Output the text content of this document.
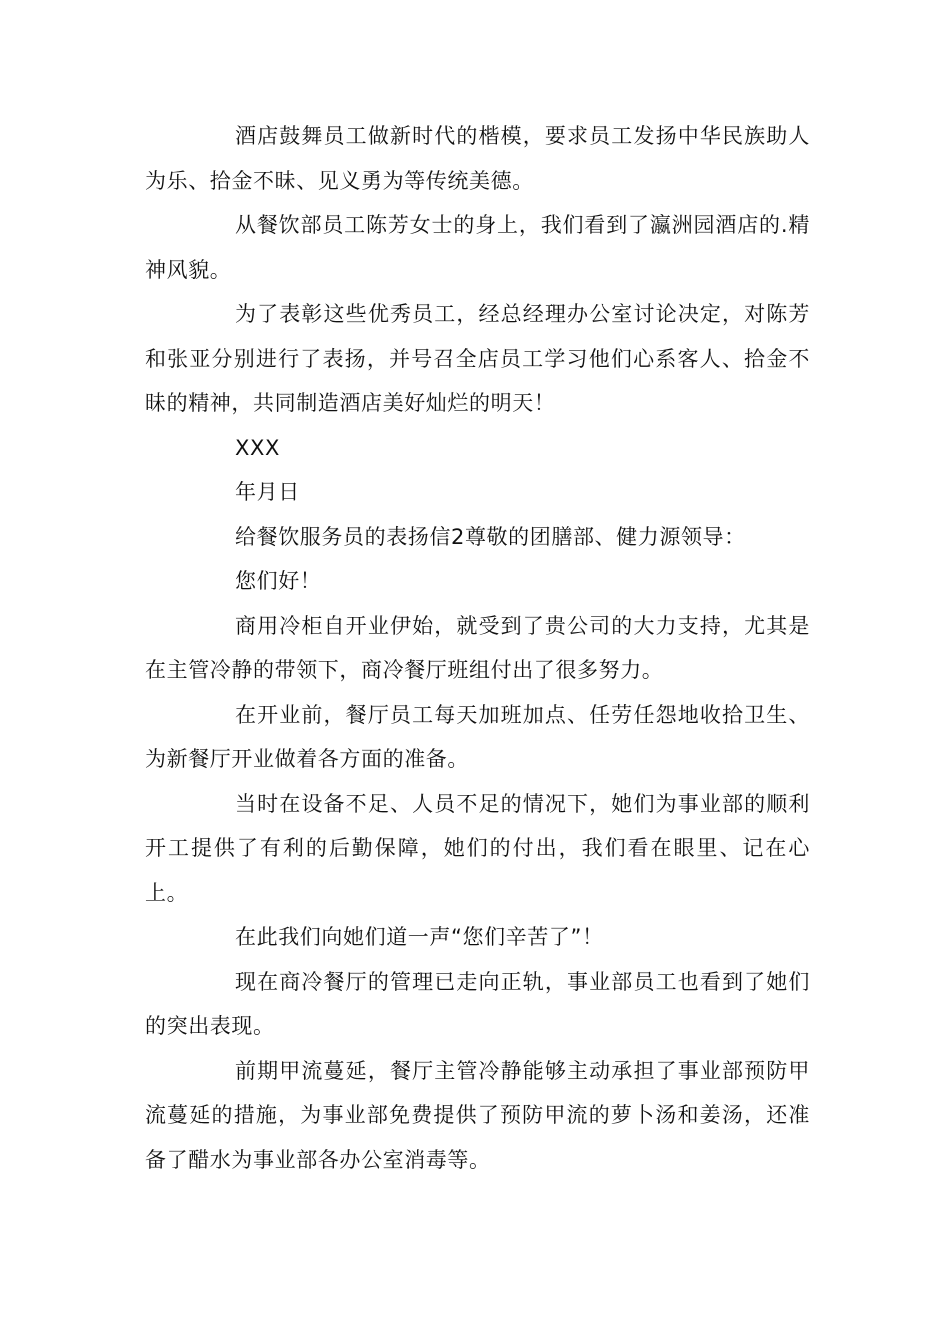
酒店鼓舞员工做新时代的楷模，要求员工发扬中华民族助人为乐、拾金不昧、见义勇为等传统美德。

从餐饮部员工陈芳女士的身上，我们看到了瀛洲园酒店的.精神风貌。

为了表彰这些优秀员工，经总经理办公室讨论决定，对陈芳和张亚分别进行了表扬，并号召全店员工学习他们心系客人、拾金不昧的精神，共同制造酒店美好灿烂的明天！

XXX

年月日

给餐饮服务员的表扬信2尊敬的团膳部、健力源领导：

您们好！

商用冷柜自开业伊始，就受到了贵公司的大力支持，尤其是在主管冷静的带领下，商冷餐厅班组付出了很多努力。

在开业前，餐厅员工每天加班加点、任劳任怨地收拾卫生、为新餐厅开业做着各方面的准备。

当时在设备不足、人员不足的情况下，她们为事业部的顺利开工提供了有利的后勤保障，她们的付出，我们看在眼里、记在心上。

在此我们向她们道一声“您们辛苦了”！

现在商冷餐厅的管理已走向正轨，事业部员工也看到了她们的突出表现。

前期甲流蔓延，餐厅主管冷静能够主动承担了事业部预防甲流蔓延的措施，为事业部免费提供了预防甲流的萝卜汤和姜汤，还准备了醋水为事业部各办公室消毒等。
